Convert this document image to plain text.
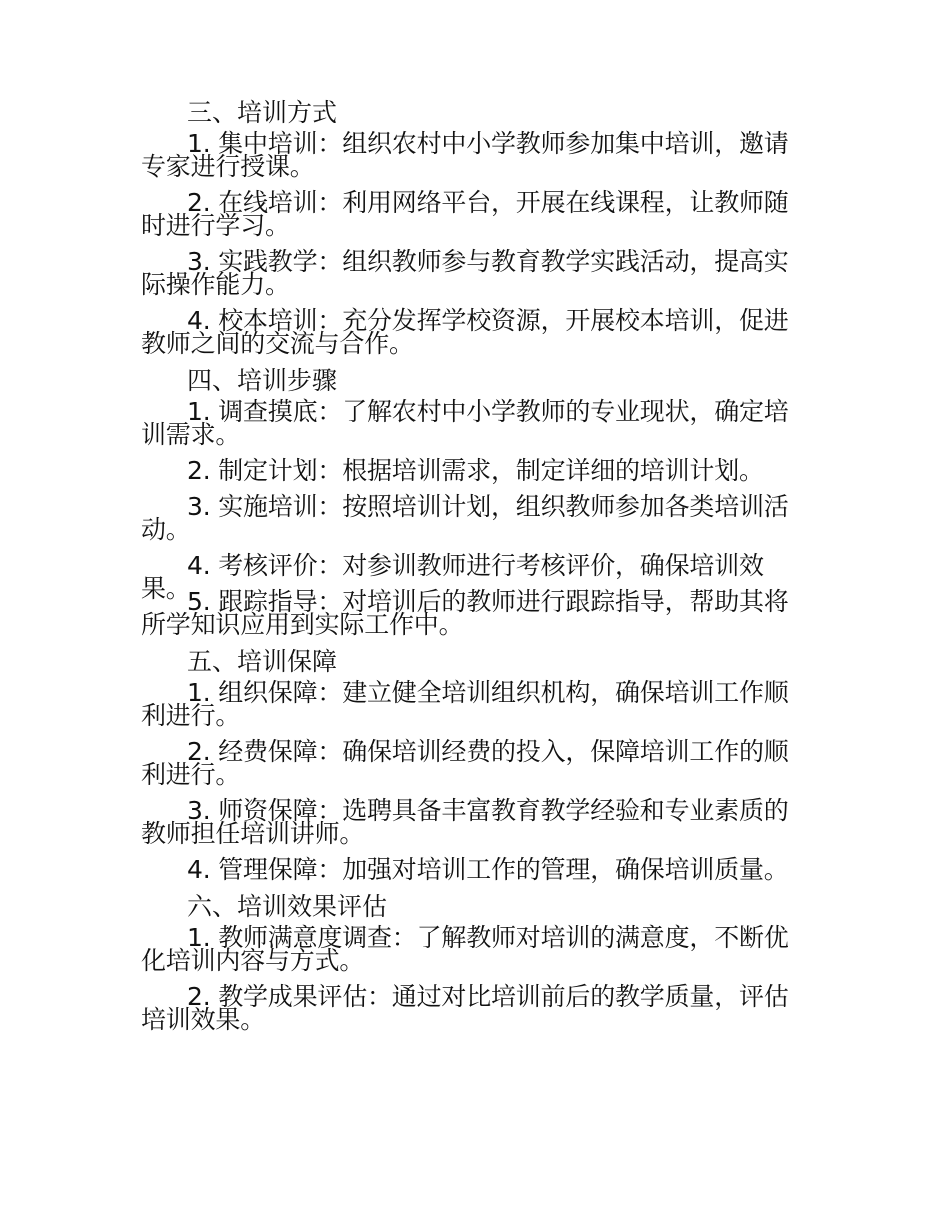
三、培训方式
1. 集中培训：组织农村中小学教师参加集中培训，邀请专家进行授课。
2. 在线培训：利用网络平台，开展在线课程，让教师随时进行学习。
3. 实践教学：组织教师参与教育教学实践活动，提高实际操作能力。
4. 校本培训：充分发挥学校资源，开展校本培训，促进教师之间的交流与合作。
四、培训步骤
1. 调查摸底：了解农村中小学教师的专业现状，确定培训需求。
2. 制定计划：根据培训需求，制定详细的培训计划。
3. 实施培训：按照培训计划，组织教师参加各类培训活动。
4. 考核评价：对参训教师进行考核评价，确保培训效果。
5. 跟踪指导：对培训后的教师进行跟踪指导，帮助其将所学知识应用到实际工作中。
五、培训保障
1. 组织保障：建立健全培训组织机构，确保培训工作顺利进行。
2. 经费保障：确保培训经费的投入，保障培训工作的顺利进行。
3. 师资保障：选聘具备丰富教育教学经验和专业素质的教师担任培训讲师。
4. 管理保障：加强对培训工作的管理，确保培训质量。
六、培训效果评估
1. 教师满意度调查：了解教师对培训的满意度，不断优化培训内容与方式。
2. 教学成果评估：通过对比培训前后的教学质量，评估培训效果。
